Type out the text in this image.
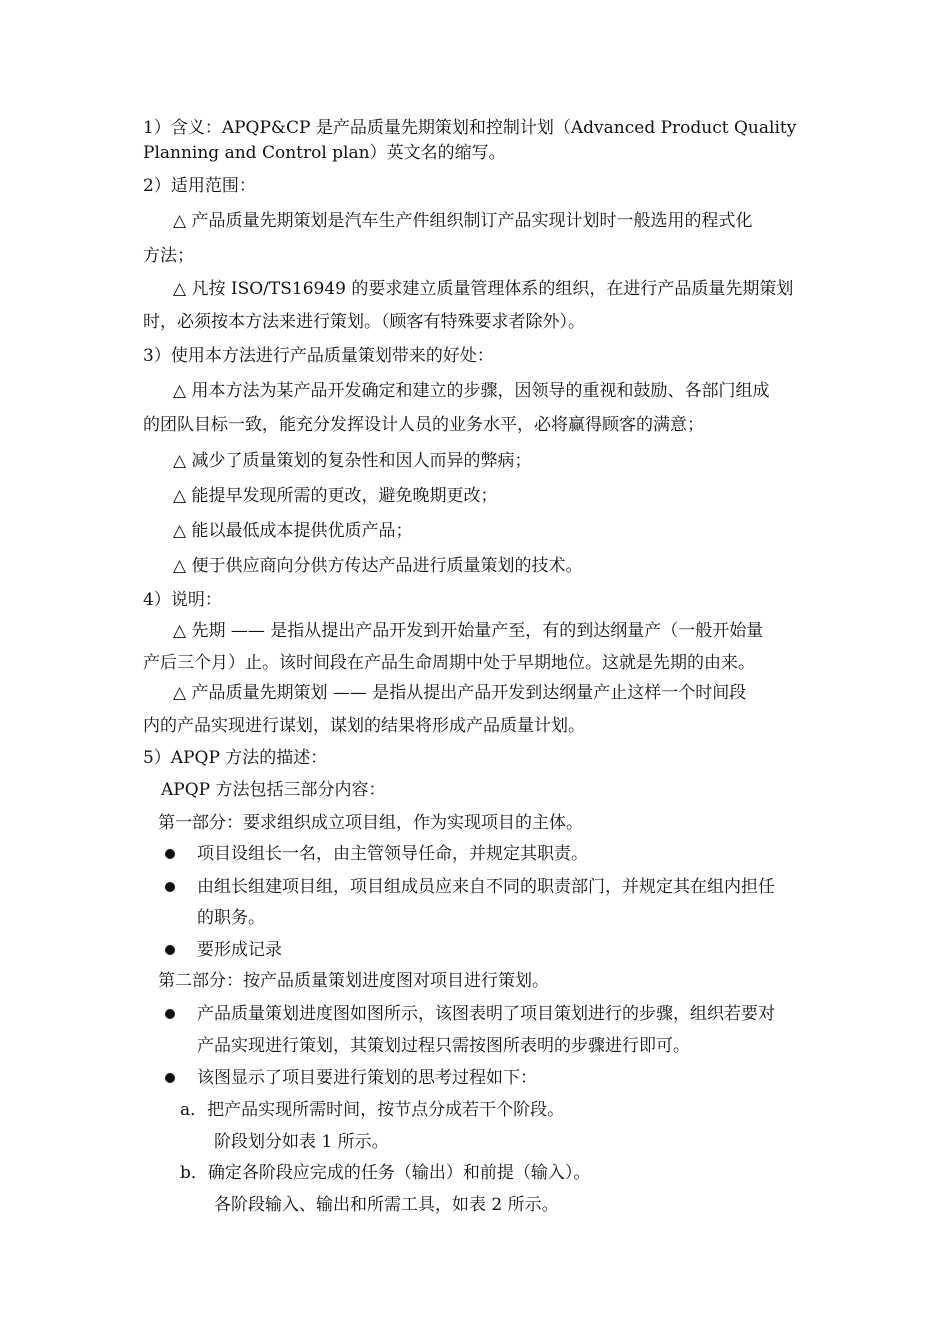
1）含义：APQP&CP 是产品质量先期策划和控制计划（Advanced Product Quality
Planning and Control plan）英文名的缩写。
2）适用范围：
△ 产品质量先期策划是汽车生产件组织制订产品实现计划时一般选用的程式化
方法；
△ 凡按 ISO/TS16949 的要求建立质量管理体系的组织，在进行产品质量先期策划
时，必须按本方法来进行策划。（顾客有特殊要求者除外）。
3）使用本方法进行产品质量策划带来的好处：
△ 用本方法为某产品开发确定和建立的步骤，因领导的重视和鼓励、各部门组成
的团队目标一致，能充分发挥设计人员的业务水平，必将赢得顾客的满意；
△ 减少了质量策划的复杂性和因人而异的弊病；
△ 能提早发现所需的更改，避免晚期更改；
△ 能以最低成本提供优质产品；
△ 便于供应商向分供方传达产品进行质量策划的技术。
4）说明：
△ 先期 —— 是指从提出产品开发到开始量产至，有的到达纲量产（一般开始量
产后三个月）止。该时间段在产品生命周期中处于早期地位。这就是先期的由来。
△ 产品质量先期策划 —— 是指从提出产品开发到达纲量产止这样一个时间段
内的产品实现进行谋划，谋划的结果将形成产品质量计划。
5）APQP 方法的描述：
APQP 方法包括三部分内容：
第一部分：要求组织成立项目组，作为实现项目的主体。
项目设组长一名，由主管领导任命，并规定其职责。
由组长组建项目组，项目组成员应来自不同的职责部门，并规定其在组内担任
的职务。
要形成记录
第二部分：按产品质量策划进度图对项目进行策划。
产品质量策划进度图如图所示，该图表明了项目策划进行的步骤，组织若要对
产品实现进行策划，其策划过程只需按图所表明的步骤进行即可。
该图显示了项目要进行策划的思考过程如下：
a．把产品实现所需时间，按节点分成若干个阶段。
阶段划分如表 1 所示。
b．确定各阶段应完成的任务（输出）和前提（输入）。
各阶段输入、输出和所需工具，如表 2 所示。
